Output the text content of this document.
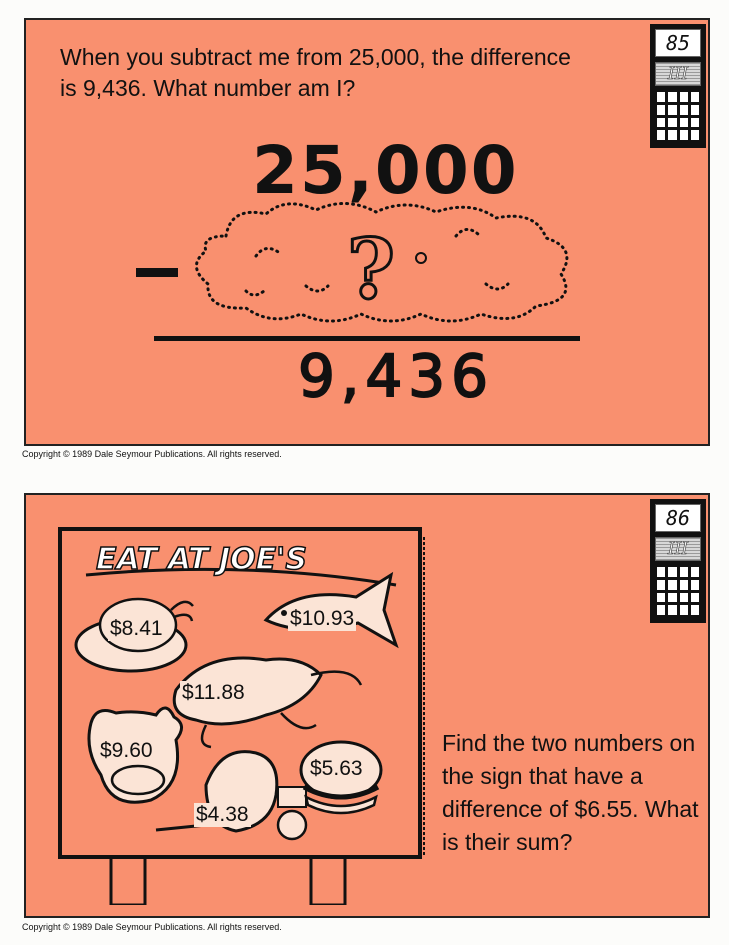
When you subtract me from 25,000, the difference is 9,436. What number am I?
85
III
25,000
?
9,436
Copyright © 1989 Dale Seymour Publications. All rights reserved.
86
III
EAT AT JOE'S
$8.41	$10.93
$11.88
$9.60
$5.63
$4.38
Find the two numbers on the sign that have a difference of $6.55. What is their sum?
Copyright © 1989 Dale Seymour Publications. All rights reserved.
